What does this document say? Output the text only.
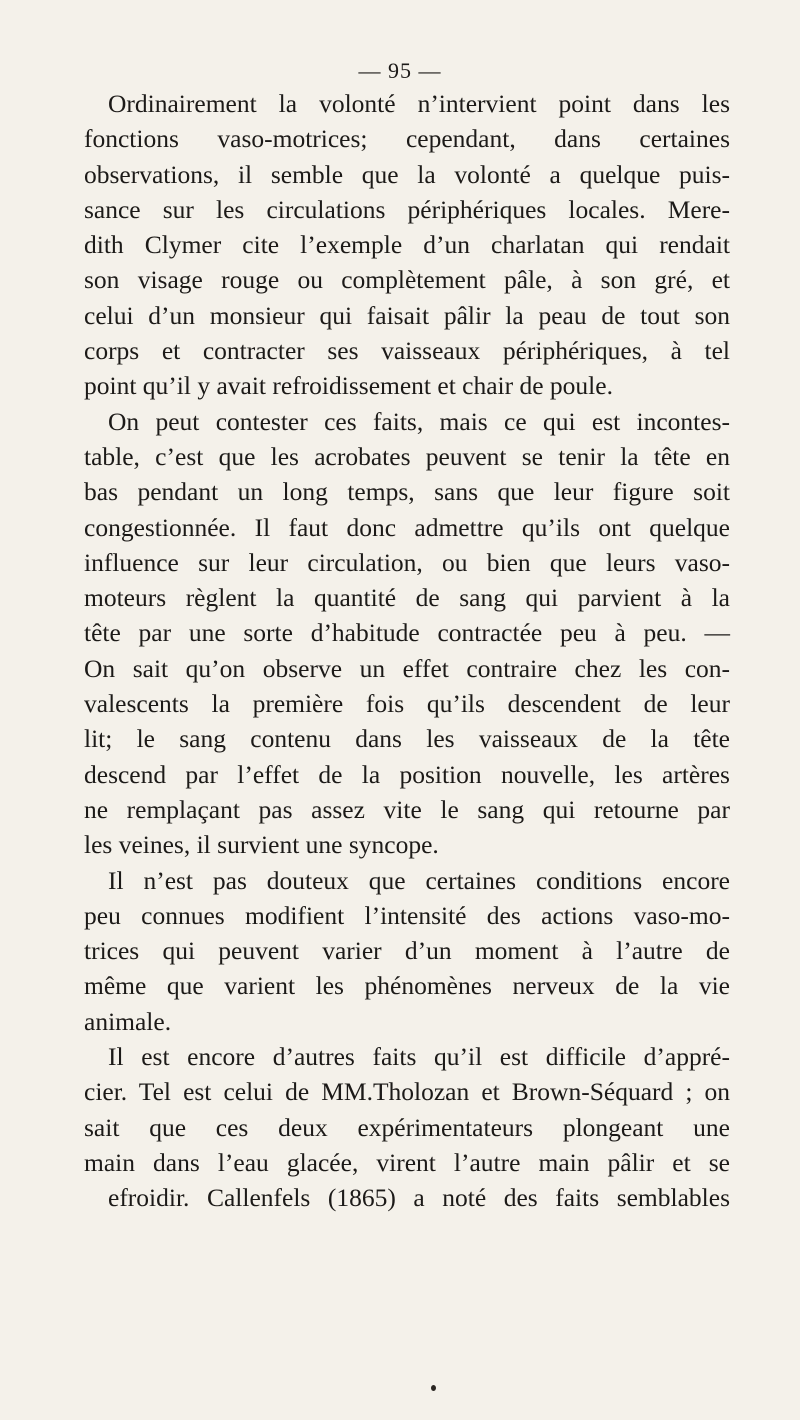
— 95 —
Ordinairement la volonté n’intervient point dans les
fonctions vaso-motrices; cependant, dans certaines
observations, il semble que la volonté a quelque puis-
sance sur les circulations périphériques locales. Mere-
dith Clymer cite l’exemple d’un charlatan qui rendait
son visage rouge ou complètement pâle, à son gré, et
celui d’un monsieur qui faisait pâlir la peau de tout son
corps et contracter ses vaisseaux périphériques, à tel
point qu’il y avait refroidissement et chair de poule.
On peut contester ces faits, mais ce qui est incontes-
table, c’est que les acrobates peuvent se tenir la tête en
bas pendant un long temps, sans que leur figure soit
congestionnée. Il faut donc admettre qu’ils ont quelque
influence sur leur circulation, ou bien que leurs vaso-
moteurs règlent la quantité de sang qui parvient à la
tête par une sorte d’habitude contractée peu à peu. —
On sait qu’on observe un effet contraire chez les con-
valescents la première fois qu’ils descendent de leur
lit; le sang contenu dans les vaisseaux de la tête
descend par l’effet de la position nouvelle, les artères
ne remplaçant pas assez vite le sang qui retourne par
les veines, il survient une syncope.
Il n’est pas douteux que certaines conditions encore
peu connues modifient l’intensité des actions vaso-mo-
trices qui peuvent varier d’un moment à l’autre de
même que varient les phénomènes nerveux de la vie
animale.
Il est encore d’autres faits qu’il est difficile d’appré-
cier. Tel est celui de MM.Tholozan et Brown-Séquard ; on
sait que ces deux expérimentateurs plongeant une
main dans l’eau glacée, virent l’autre main pâlir et se
efroidir. Callenfels (1865) a noté des faits semblables
